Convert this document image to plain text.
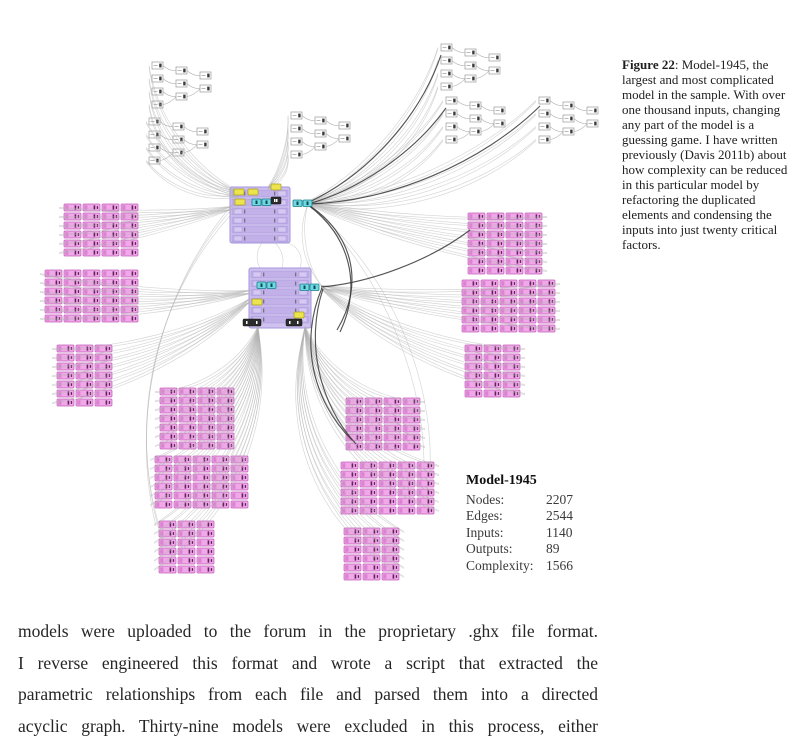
Figure 22: Model-1945, the largest and most complicated model in the sample. With over one thousand inputs, changing any part of the model is a guessing game. I have written previously (Davis 2011b) about how complexity can be reduced in this particular model by refactoring the duplicated elements and condensing the inputs into just twenty critical factors.
Model-1945
Nodes:	2207
Edges:	2544
Inputs:	1140
Outputs:	89
Complexity: 1566
models were uploaded to the forum in the proprietary .ghx file format.
I reverse engineered this format and wrote a script that extracted the
parametric relationships from each file and parsed them into a directed
acyclic graph. Thirty-nine models were excluded in this process, either
